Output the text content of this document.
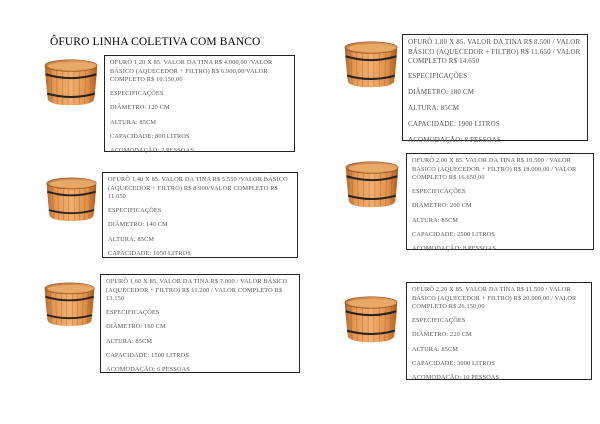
ÔFURO LINHA COLETIVA COM BANCO
OFURÔ 1,20 X 85. VALOR DA TINA R$ 4.000,00 /VALOR BÁSICO (AQUECEDOR + FILTRO) R$ 6.900,00/VALOR COMPLETO R$ 10.150,00
ESPECIFICAÇÕES
DIÂMETRO: 120 CM
ALTURA: 85CM
CAPACIDADE: 800 LITROS
ACOMODAÇÃO: 2 PESSOAS
OFURÔ 1,40 X 85. VALOR DA TINA R$ 5.550 /VALOR BÁSICO (AQUECEDOR + FILTRO) R$ 8.900/VALOR COMPLETO R$ 11.650
ESPECIFICAÇÕES
DIÂMETRO: 140 CM
ALTURA: 85CM
CAPACIDADE: 1050 LITROS
OFURÔ 1,60 X 85. VALOR DA TINA R$ 7.000 / VALOR BÁSICO (AQUECEDOR + FILTRO) R$ 11.200 / VALOR COMPLETO R$ 13.150
ESPECIFICAÇÕES
DIÂMETRO: 160 CM
ALTURA: 85CM
CAPACIDADE: 1500 LITROS
ACOMODAÇÃO: 6 PESSOAS
OFURÔ 1,80 X 85. VALOR DA TINA R$ 8.500 / VALOR BÁSICO (AQUECEDOR + FILTRO) R$ 11.650 / VALOR COMPLETO R$ 14.650
ESPECIFICAÇÕES
DIÂMETRO: 180 CM
ALTURA: 85CM
CAPACIDADE: 1900 LITROS
ACOMODAÇÃO: 8 PESSOAS
OFURÔ 2,00 X 85. VALOR DA TINA R$ 10.500 / VALOR BÁSICO (AQUECEDOR + FILTRO) R$ 18.000,00 / VALOR COMPLETO R$ 16.650,00
ESPECIFICAÇÕES
DIÂMETRO: 200 CM
ALTURA: 85CM
CAPACIDADE: 2500 LITROS
ACOMODAÇÃO: 8 PESSOAS
OFURÔ 2,20 X 85. VALOR DA TINA R$ 11.500 / VALOR BÁSICO (AQUECEDOR + FILTRO) R$ 20.000,00 / VALOR COMPLETO R$ 26.150,00
ESPECIFICAÇÕES
DIÂMETRO: 220 CM
ALTURA: 85CM
CAPACIDADE: 3000 LITROS
ACOMODAÇÃO: 10 PESSOAS
